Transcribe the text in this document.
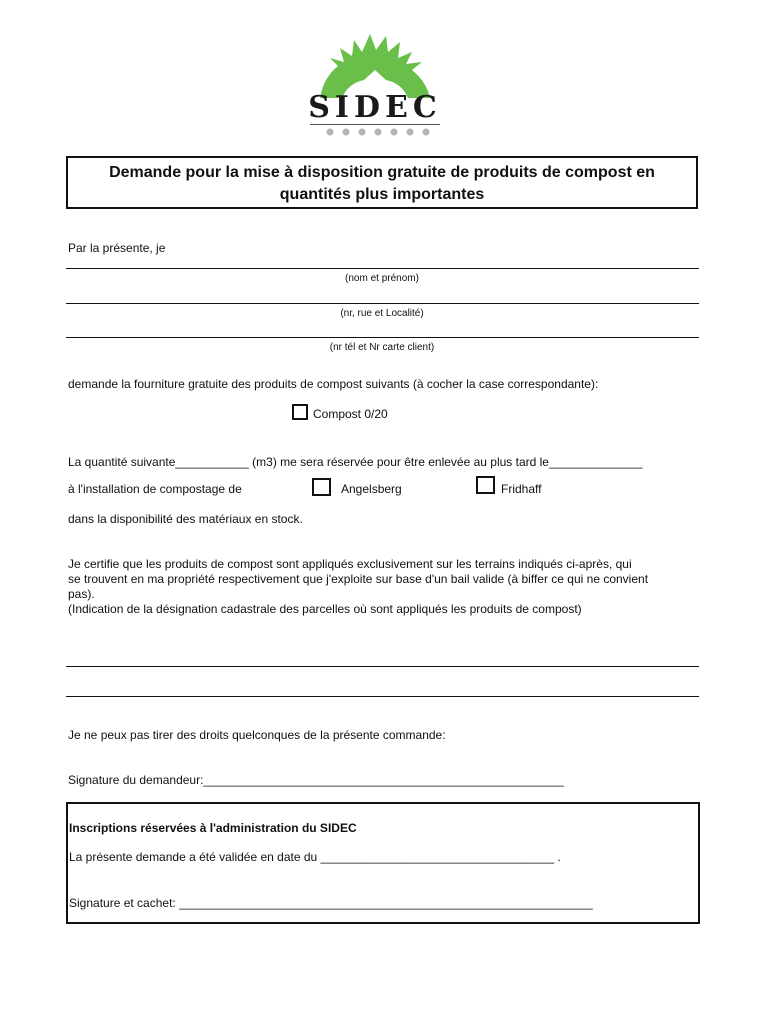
SIDEC
Demande pour la mise à disposition gratuite de produits de compost en
quantités plus importantes
Par la présente, je
(nom et prénom)
(nr, rue et Localité)
(nr tél et Nr carte client)
demande la fourniture gratuite des produits de compost suivants (à cocher la case correspondante):
Compost 0/20
La quantité suivante___________ (m3) me sera réservée pour être enlevée au plus tard le______________
à l'installation de compostage de	Angelsberg	Fridhaff
dans la disponibilité des matériaux en stock.
Je certifie que les produits de compost sont appliqués exclusivement sur les terrains indiqués ci-après, qui
se trouvent en ma propriété respectivement que j'exploite sur base d'un bail valide (à biffer ce qui ne convient
pas).
(Indication de la désignation cadastrale des parcelles où sont appliqués les produits de compost)
Je ne peux pas tirer des droits quelconques de la présente commande:
Signature du demandeur:______________________________________________________
Inscriptions réservées à l'administration du SIDEC
La présente demande a été validée en date du ___________________________________ .
Signature et cachet: ______________________________________________________________
